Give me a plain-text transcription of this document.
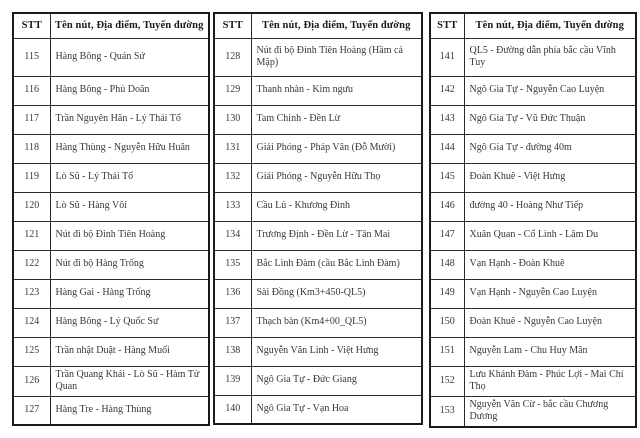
STT	Tên nút, Địa điểm, Tuyến đường
115	Hàng Bông - Quán Sứ
116	Hàng Bông - Phủ Doãn
117	Trần Nguyên Hãn - Lý Thái Tổ
118	Hàng Thùng - Nguyễn Hữu Huân
119	Lò Sũ - Lý Thái Tổ
120	Lò Sũ - Hàng Vôi
121	Nút đi bộ Đinh Tiên Hoàng
122	Nút đi bộ Hàng Trống
123	Hàng Gai - Hàng Trống
124	Hàng Bông - Lý Quốc Sư
125	Trần nhật Duật - Hàng Muối
126	Trần Quang Khải - Lò Sũ - Hàm Tử Quan
127	Hàng Tre - Hàng Thùng
STT	Tên nút, Địa điểm, Tuyến đường
128	Nút đi bộ Đinh Tiên Hoàng (Hầm cá Mập)
129	Thanh nhàn - Kim ngưu
130	Tam Chinh - Đền Lừ
131	Giải Phóng - Pháp Vân (Đỗ Mười)
132	Giải Phóng - Nguyễn Hữu Thọ
133	Cầu Lủ - Khương Đình
134	Trương Định - Đền Lừ - Tân Mai
135	Bắc Linh Đàm (cầu Bắc Linh Đàm)
136	Sài Đồng (Km3+450-QL5)
137	Thạch bàn (Km4+00_QL5)
138	Nguyễn Văn Linh - Việt Hưng
139	Ngô Gia Tự - Đức Giang
140	Ngô Gia Tự - Vạn Hoa
STT	Tên nút, Địa điểm, Tuyến đường
141	QL5 - Đường dẫn phía bắc cầu Vĩnh Tuy
142	Ngô Gia Tự - Nguyễn Cao Luyện
143	Ngô Gia Tự - Vũ Đức Thuận
144	Ngô Gia Tự - đường 40m
145	Đoàn Khuê - Việt Hưng
146	đường 40 - Hoàng Như Tiếp
147	Xuân Quan - Cổ Linh - Lâm Du
148	Vạn Hạnh - Đoàn Khuê
149	Vạn Hạnh - Nguyễn Cao Luyện
150	Đoàn Khuê - Nguyễn Cao Luyện
151	Nguyễn Lam - Chu Huy Mân
152	Lưu Khánh Đàm - Phúc Lợi - Mai Chí Thọ
153	Nguyễn Văn Cừ - bắc cầu Chương Dương
